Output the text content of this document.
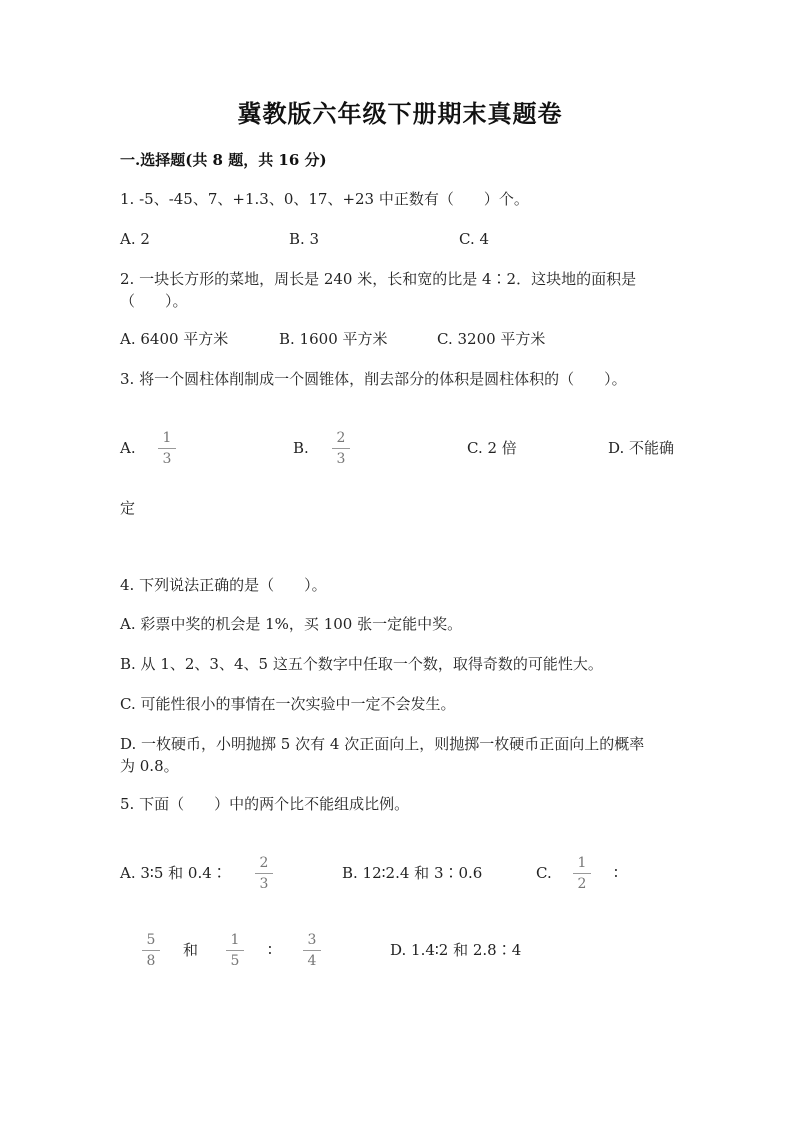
冀教版六年级下册期末真题卷
一.选择题(共 8 题，共 16 分)
1. -5、-45、7、+1.3、0、17、+23 中正数有（　　）个。
A. 2	B. 3	C. 4
2. 一块长方形的菜地，周长是 240 米，长和宽的比是 4∶2．这块地的面积是
（　　）。
A. 6400 平方米	B. 1600 平方米	C. 3200 平方米
3. 将一个圆柱体削制成一个圆锥体，削去部分的体积是圆柱体积的（　　）。
A. $\frac{1}{3}$	B. $\frac{2}{3}$	C. 2 倍	D. 不能确
定
4. 下列说法正确的是（　　）。
A. 彩票中奖的机会是 1%，买 100 张一定能中奖。
B. 从 1、2、3、4、5 这五个数字中任取一个数，取得奇数的可能性大。
C. 可能性很小的事情在一次实验中一定不会发生。
D. 一枚硬币，小明抛掷 5 次有 4 次正面向上，则抛掷一枚硬币正面向上的概率
为 0.8。
5. 下面（　　）中的两个比不能组成比例。
A. 3∶5 和 0.4∶ $\frac{2}{3}$	B. 12∶2.4 和 3∶0.6	C. $\frac{1}{2}$ ∶
$\frac{5}{8}$ 和 $\frac{1}{5}$ ∶ $\frac{3}{4}$	D. 1.4∶2 和 2.8∶4
